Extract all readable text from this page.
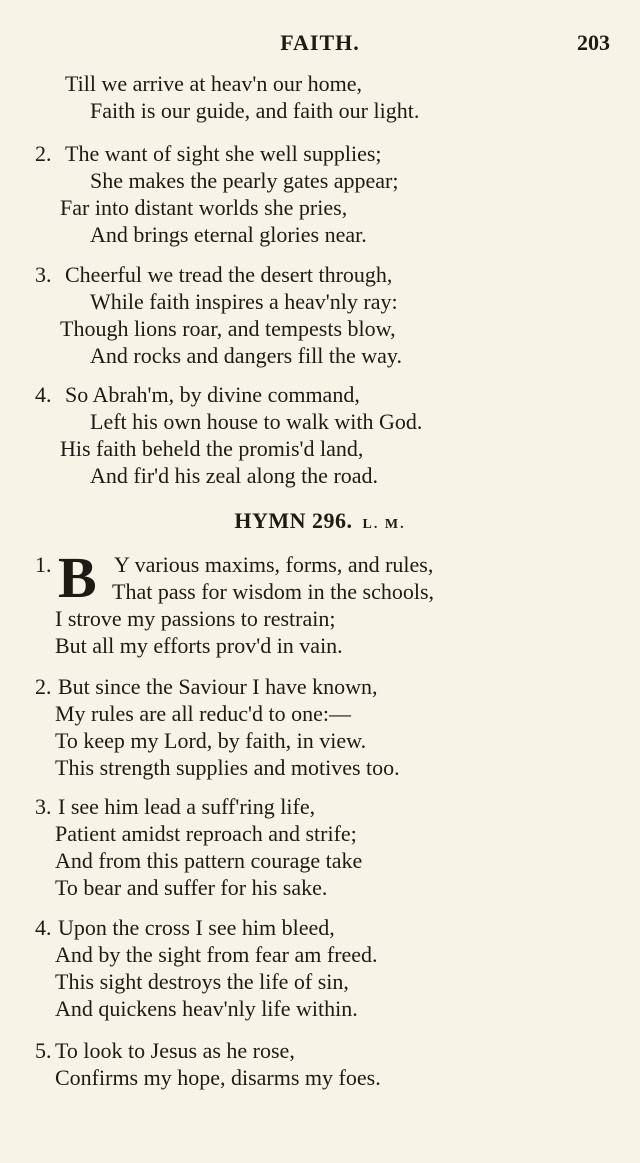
FAITH.	203
Till we arrive at heav'n our home,
Faith is our guide, and faith our light.
2. The want of sight she well supplies;
She makes the pearly gates appear;
Far into distant worlds she pries,
And brings eternal glories near.
3. Cheerful we tread the desert through,
While faith inspires a heav'nly ray:
Though lions roar, and tempests blow,
And rocks and dangers fill the way.
4. So Abrah'm, by divine command,
Left his own house to walk with God.
His faith beheld the promis'd land,
And fir'd his zeal along the road.
HYMN 296. L. M.
B
1.	Y various maxims, forms, and rules,
That pass for wisdom in the schools,
I strove my passions to restrain;
But all my efforts prov'd in vain.
2. But since the Saviour I have known,
My rules are all reduc'd to one:—
To keep my Lord, by faith, in view.
This strength supplies and motives too.
3. I see him lead a suff'ring life,
Patient amidst reproach and strife;
And from this pattern courage take
To bear and suffer for his sake.
4. Upon the cross I see him bleed,
And by the sight from fear am freed.
This sight destroys the life of sin,
And quickens heav'nly life within.
5. To look to Jesus as he rose,
Confirms my hope, disarms my foes.
